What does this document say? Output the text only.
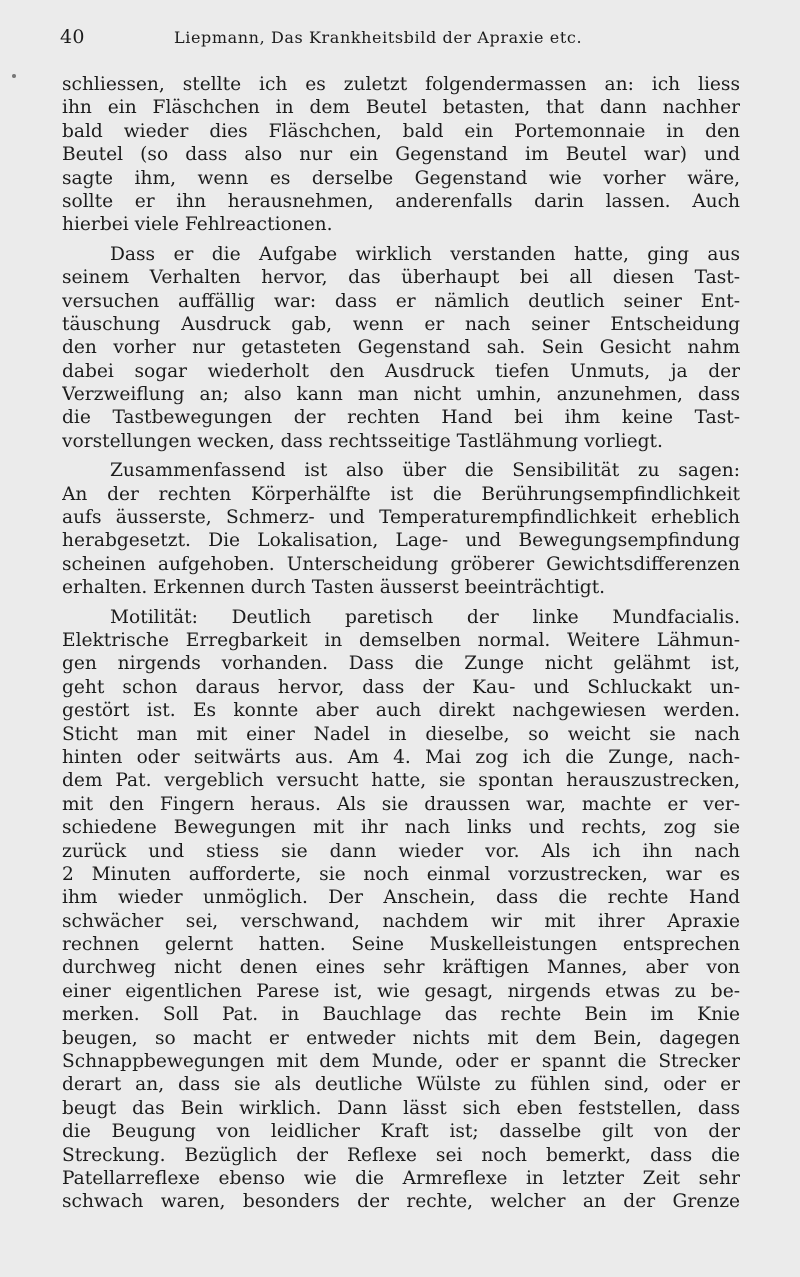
40	Liepmann, Das Krankheitsbild der Apraxie etc.
schliessen, stellte ich es zuletzt folgendermassen an: ich liess
ihn ein Fläschchen in dem Beutel betasten, that dann nachher
bald wieder dies Fläschchen, bald ein Portemonnaie in den
Beutel (so dass also nur ein Gegenstand im Beutel war) und
sagte ihm, wenn es derselbe Gegenstand wie vorher wäre,
sollte er ihn herausnehmen, anderenfalls darin lassen. Auch
hierbei viele Fehlreactionen.
Dass er die Aufgabe wirklich verstanden hatte, ging aus
seinem Verhalten hervor, das überhaupt bei all diesen Tast-
versuchen auffällig war: dass er nämlich deutlich seiner Ent-
täuschung Ausdruck gab, wenn er nach seiner Entscheidung
den vorher nur getasteten Gegenstand sah. Sein Gesicht nahm
dabei sogar wiederholt den Ausdruck tiefen Unmuts, ja der
Verzweiflung an; also kann man nicht umhin, anzunehmen, dass
die Tastbewegungen der rechten Hand bei ihm keine Tast-
vorstellungen wecken, dass rechtsseitige Tastlähmung vorliegt.
Zusammenfassend ist also über die Sensibilität zu sagen:
An der rechten Körperhälfte ist die Berührungsempfindlichkeit
aufs äusserste, Schmerz- und Temperaturempfindlichkeit erheblich
herabgesetzt. Die Lokalisation, Lage- und Bewegungsempfindung
scheinen aufgehoben. Unterscheidung gröberer Gewichtsdifferenzen
erhalten. Erkennen durch Tasten äusserst beeinträchtigt.
Motilität: Deutlich paretisch der linke Mundfacialis.
Elektrische Erregbarkeit in demselben normal. Weitere Lähmun-
gen nirgends vorhanden. Dass die Zunge nicht gelähmt ist,
geht schon daraus hervor, dass der Kau- und Schluckakt un-
gestört ist. Es konnte aber auch direkt nachgewiesen werden.
Sticht man mit einer Nadel in dieselbe, so weicht sie nach
hinten oder seitwärts aus. Am 4. Mai zog ich die Zunge, nach-
dem Pat. vergeblich versucht hatte, sie spontan herauszustrecken,
mit den Fingern heraus. Als sie draussen war, machte er ver-
schiedene Bewegungen mit ihr nach links und rechts, zog sie
zurück und stiess sie dann wieder vor. Als ich ihn nach
2 Minuten aufforderte, sie noch einmal vorzustrecken, war es
ihm wieder unmöglich. Der Anschein, dass die rechte Hand
schwächer sei, verschwand, nachdem wir mit ihrer Apraxie
rechnen gelernt hatten. Seine Muskelleistungen entsprechen
durchweg nicht denen eines sehr kräftigen Mannes, aber von
einer eigentlichen Parese ist, wie gesagt, nirgends etwas zu be-
merken. Soll Pat. in Bauchlage das rechte Bein im Knie
beugen, so macht er entweder nichts mit dem Bein, dagegen
Schnappbewegungen mit dem Munde, oder er spannt die Strecker
derart an, dass sie als deutliche Wülste zu fühlen sind, oder er
beugt das Bein wirklich. Dann lässt sich eben feststellen, dass
die Beugung von leidlicher Kraft ist; dasselbe gilt von der
Streckung. Bezüglich der Reflexe sei noch bemerkt, dass die
Patellarreflexe ebenso wie die Armreflexe in letzter Zeit sehr
schwach waren, besonders der rechte, welcher an der Grenze
